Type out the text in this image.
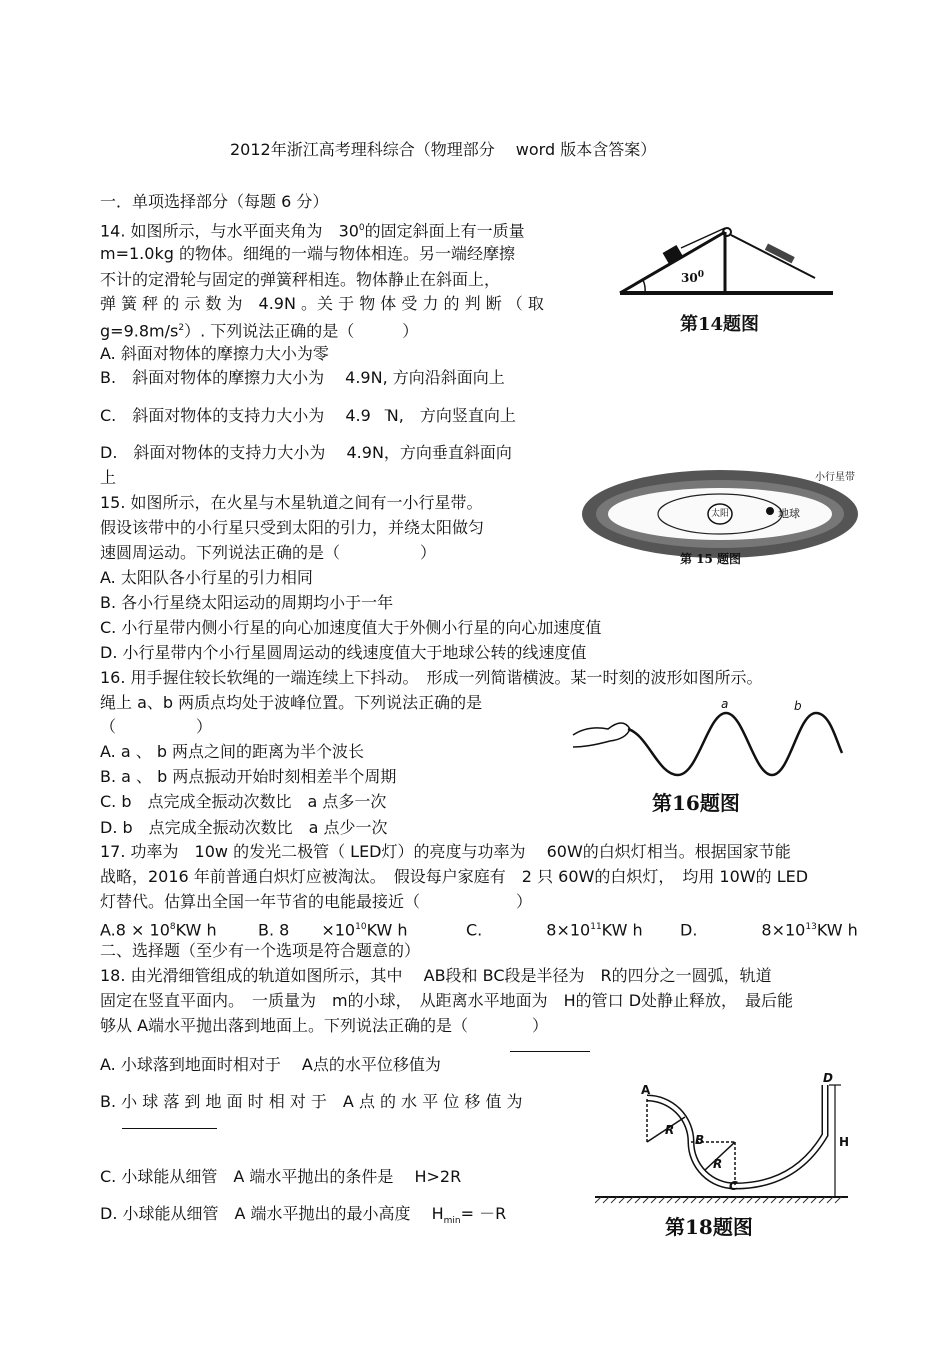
2012年浙江高考理科综合（物理部分　 word 版本含答案）
一．单项选择部分（每题 6 分）
14. 如图所示，与水平面夹角为　 $30^0$的固定斜面上有一质量
m=1.0kg 的物体。细绳的一端与物体相连。另一端经摩擦
不计的定滑轮与固定的弹簧秤相连。物体静止在斜面上，
弹 簧 秤 的 示 数 为　4.9N 。关 于 物 体 受 力 的 判 断 （ 取
$g=9.8m/s^2$）. 下列说法正确的是（　　　）
A. 斜面对物体的摩擦力大小为零
B.　斜面对物体的摩擦力大小为　 4.9N, 方向沿斜面向上
C.　斜面对物体的支持力大小为　 4.9　̄N,　方向竖直向上
D.　斜面对物体的支持力大小为　 4.9N，方向垂直斜面向
上
$30^0$
第14题图
15. 如图所示，在火星与木星轨道之间有一小行星带。
假设该带中的小行星只受到太阳的引力，并绕太阳做匀
速圆周运动。下列说法正确的是（　　　　　）
A. 太阳队各小行星的引力相同
B. 各小行星绕太阳运动的周期均小于一年
C. 小行星带内侧小行星的向心加速度值大于外侧小行星的向心加速度值
D. 小行星带内个小行星圆周运动的线速度值大于地球公转的线速度值
太阳	地球
小行星带
第 15 题图
16. 用手握住较长软绳的一端连续上下抖动。　形成一列简谐横波。某一时刻的波形如图所示。
绳上 a、b 两质点均处于波峰位置。下列说法正确的是
（　　　　　）
A. a 、 b 两点之间的距离为半个波长
B. a 、 b 两点振动开始时刻相差半个周期
C. b　点完成全振动次数比　a 点多一次
D. b　点完成全振动次数比　a 点少一次
a	b
第16题图
17. 功率为　10w 的发光二极管（ LED灯）的亮度与功率为　 60W的白炽灯相当。根据国家节能
战略，2016 年前普通白炽灯应被淘汰。　假设每户家庭有　2 只 60W的白炽灯，　均用 10W的 LED
灯替代。估算出全国一年节省的电能最接近（　　　　　　）
$A.8 \times 10^8KW$ h	B. 8　　$\times 10^{10}KW$ h	C.　　　　$8\times 10^{11}KW$ h D.　　　　$8\times 10^{13}KW$ h
二、选择题（至少有一个选项是符合题意的）
18. 由光滑细管组成的轨道如图所示，其中　 AB段和 BC段是半径为　R的四分之一圆弧，轨道
固定在竖直平面内。　一质量为　m的小球，　从距离水平地面为　H的管口 D处静止释放，　最后能
够从 A端水平抛出落到地面上。下列说法正确的是（　　　　）
A. 小球落到地面时相对于　 A点的水平位移值为
B. 小 球 落 到 地 面 时 相 对 于　A 点 的 水 平 位 移 值 为
C. 小球能从细管　A 端水平抛出的条件是　 H>2R
D. 小球能从细管　A 端水平抛出的最小高度　 $H_{min}= -R$
A
B
C
D
H
R
R
第18题图
